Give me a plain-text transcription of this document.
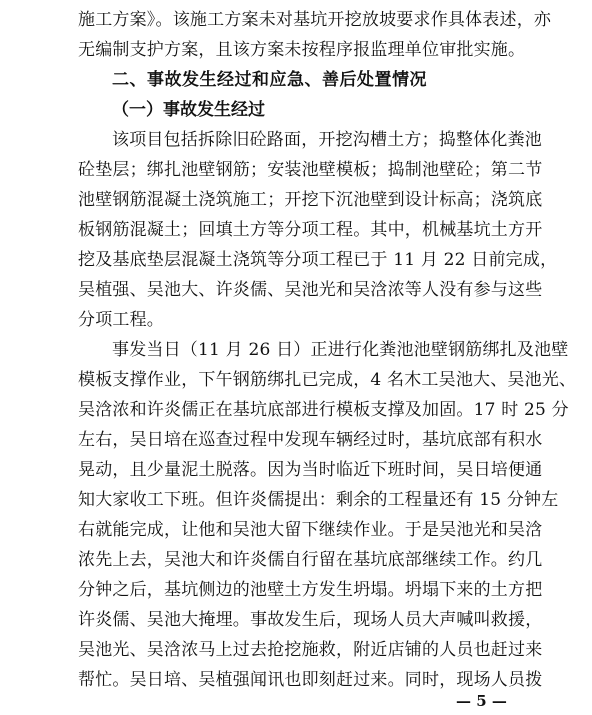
施工方案》。该施工方案未对基坑开挖放坡要求作具体表述，亦
无编制支护方案，且该方案未按程序报监理单位审批实施。
二、事故发生经过和应急、善后处置情况
（一）事故发生经过
该项目包括拆除旧砼路面，开挖沟槽土方；捣整体化粪池
砼垫层；绑扎池壁钢筋；安装池壁模板；捣制池壁砼；第二节
池壁钢筋混凝土浇筑施工；开挖下沉池壁到设计标高；浇筑底
板钢筋混凝土；回填土方等分项工程。其中，机械基坑土方开
挖及基底垫层混凝土浇筑等分项工程已于 11 月 22 日前完成，
吴植强、吴池大、许炎儒、吴池光和吴浛浓等人没有参与这些
分项工程。
事发当日（11 月 26 日）正进行化粪池池壁钢筋绑扎及池壁
模板支撑作业，下午钢筋绑扎已完成，4 名木工吴池大、吴池光、
吴浛浓和许炎儒正在基坑底部进行模板支撑及加固。17 时 25 分
左右，吴日培在巡查过程中发现车辆经过时，基坑底部有积水
晃动，且少量泥土脱落。因为当时临近下班时间，吴日培便通
知大家收工下班。但许炎儒提出：剩余的工程量还有 15 分钟左
右就能完成，让他和吴池大留下继续作业。于是吴池光和吴浛
浓先上去，吴池大和许炎儒自行留在基坑底部继续工作。约几
分钟之后，基坑侧边的池壁土方发生坍塌。坍塌下来的土方把
许炎儒、吴池大掩埋。事故发生后，现场人员大声喊叫救援，
吴池光、吴浛浓马上过去抢挖施救，附近店铺的人员也赶过来
帮忙。吴日培、吴植强闻讯也即刻赶过来。同时，现场人员拨
— 5 —
